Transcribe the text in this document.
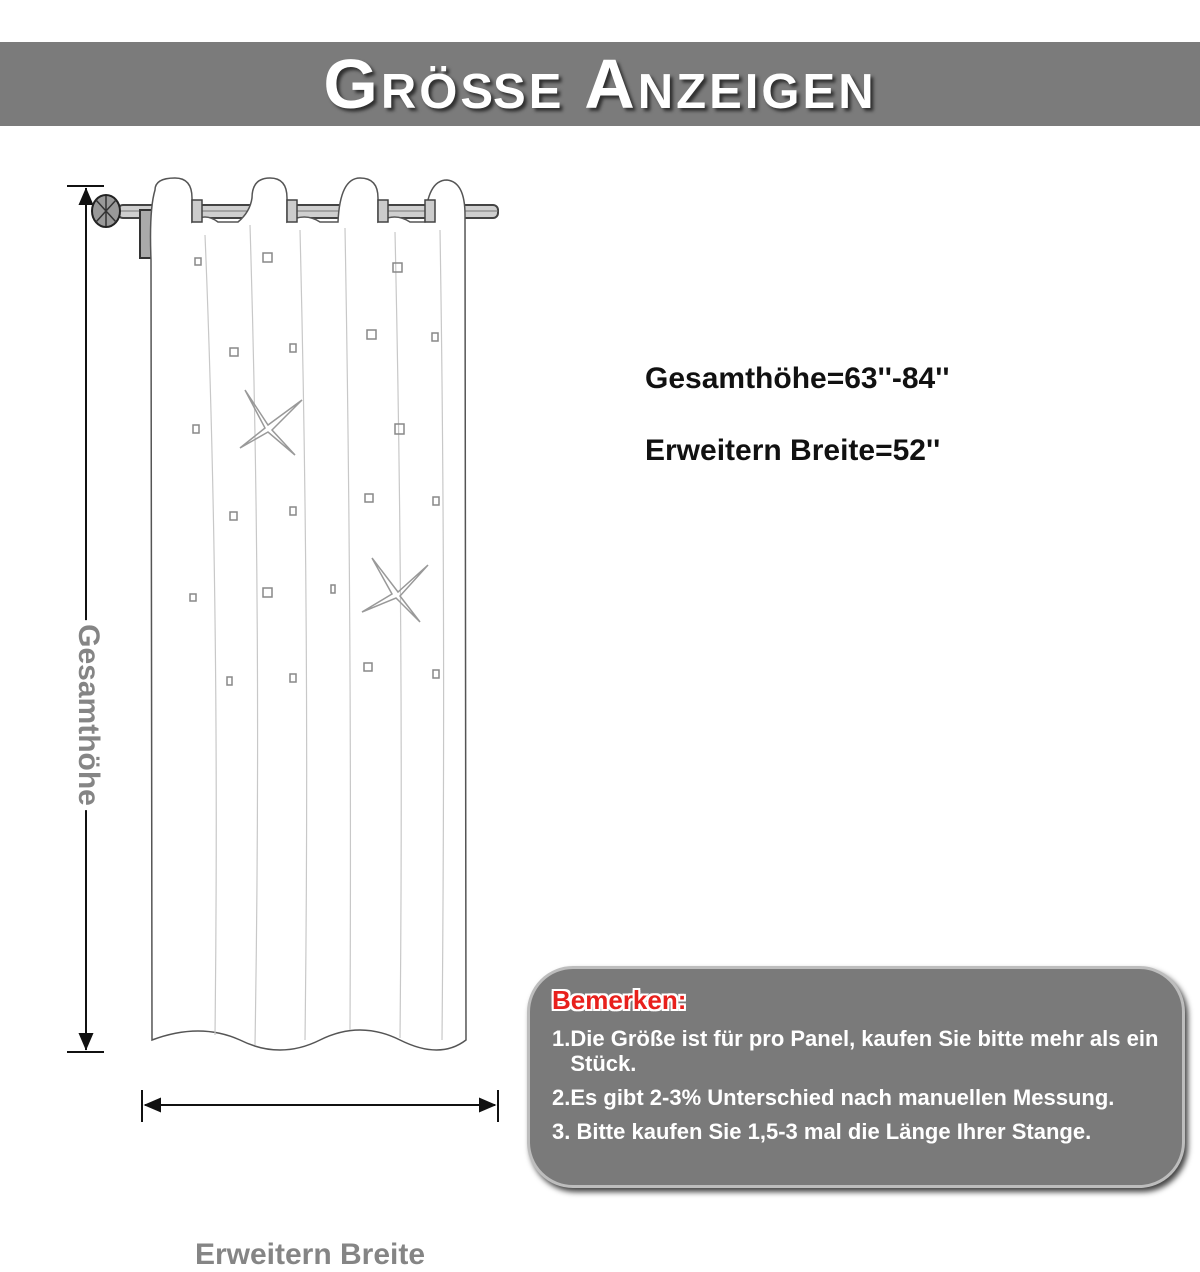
Größe Anzeigen
Gesamthöhe
Erweitern Breite
Gesamthöhe=63''-84''
Erweitern Breite=52''
Bemerken:
1. Die Größe ist für pro Panel, kaufen Sie bitte mehr als ein Stück.
2. Es gibt 2-3% Unterschied nach manuellen Messung.
3. Bitte kaufen Sie 1,5-3 mal die Länge Ihrer Stange.
